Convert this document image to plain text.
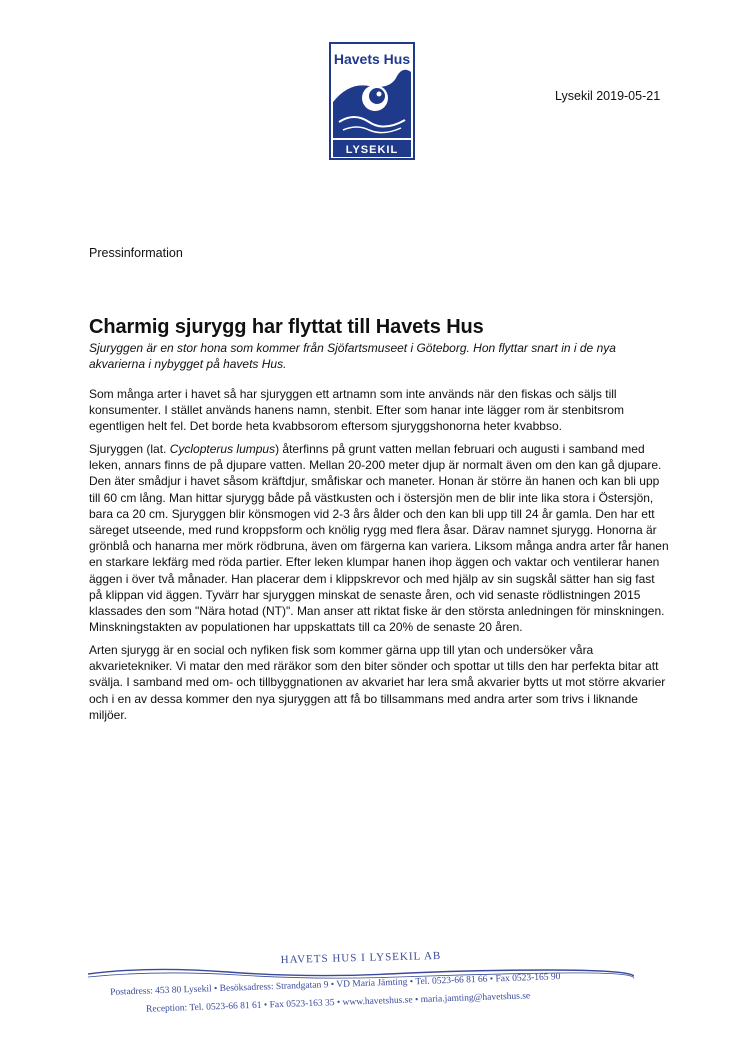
Havets Hus
LYSEKIL
Lysekil 2019-05-21
Pressinformation
Charmig sjurygg har flyttat till Havets Hus
Sjuryggen är en stor hona som kommer från Sjöfartsmuseet i Göteborg. Hon flyttar snart in i de nya akvarierna i nybygget på havets Hus.

Som många arter i havet så har sjuryggen ett artnamn som inte används när den fiskas och säljs till konsumenter. I stället används hanens namn, stenbit. Efter som hanar inte lägger rom är stenbitsrom egentligen helt fel. Det borde heta kvabbsorom eftersom sjuryggshonorna heter kvabbso.

Sjuryggen (lat. Cyclopterus lumpus) återfinns på grunt vatten mellan februari och augusti i samband med leken, annars finns de på djupare vatten. Mellan 20-200 meter djup är normalt även om den kan gå djupare. Den äter smådjur i havet såsom kräftdjur, småfiskar och maneter. Honan är större än hanen och kan bli upp till 60 cm lång. Man hittar sjurygg både på västkusten och i östersjön men de blir inte lika stora i Östersjön, bara ca 20 cm. Sjuryggen blir könsmogen vid 2-3 års ålder och den kan bli upp till 24 år gamla. Den har ett säreget utseende, med rund kroppsform och knölig rygg med flera åsar. Därav namnet sjurygg. Honorna är grönblå och hanarna mer mörk rödbruna, även om färgerna kan variera. Liksom många andra arter får hanen en starkare lekfärg med röda partier. Efter leken klumpar hanen ihop äggen och vaktar och ventilerar hanen äggen i över två månader. Han placerar dem i klippskrevor och med hjälp av sin sugskål sätter han sig fast på klippan vid äggen. Tyvärr har sjuryggen minskat de senaste åren, och vid senaste rödlistningen 2015 klassades den som "Nära hotad (NT)". Man anser att riktat fiske är den största anledningen för minskningen. Minskningstakten av populationen har uppskattats till ca 20% de senaste 20 åren.

Arten sjurygg är en social och nyfiken fisk som kommer gärna upp till ytan och undersöker våra akvarietekniker. Vi matar den med räräkor som den biter sönder och spottar ut tills den har perfekta bitar att svälja. I samband med om- och tillbyggnationen av akvariet har lera små akvarier bytts ut mot större akvarier och i en av dessa kommer den nya sjuryggen att få bo tillsammans med andra arter som trivs i liknande miljöer.

HAVETS HUS I LYSEKIL AB
Postadress: 453 80 Lysekil • Besöksadress: Strandgatan 9 • VD Maria Jämting • Tel. 0523-66 81 66 • Fax 0523-165 90
Reception: Tel. 0523-66 81 61 • Fax 0523-163 35 • www.havetshus.se • maria.jamting@havetshus.se
